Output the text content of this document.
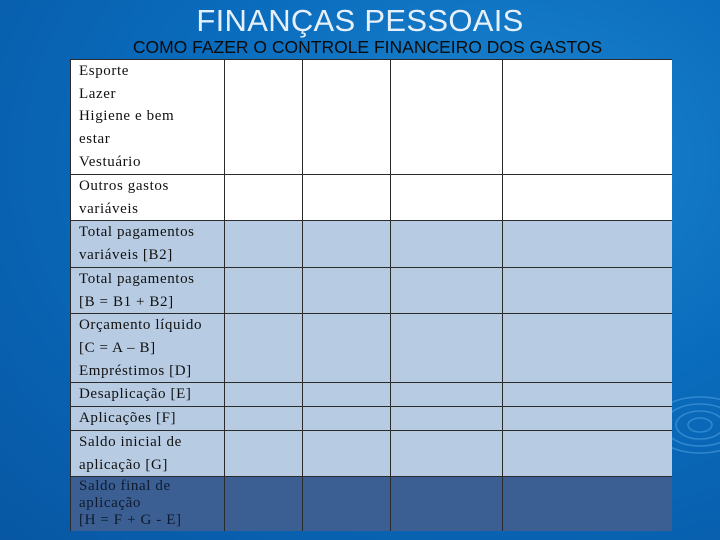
FINANÇAS PESSOAIS
COMO FAZER O CONTROLE FINANCEIRO DOS GASTOS
Esporte
Lazer
Higiene e bem
estar
Vestuário				

Outros gastos
variáveis				

Total pagamentos
variáveis [B2]				

Total pagamentos
[B = B1 + B2]				

Orçamento líquido
[C = A – B]
Empréstimos [D]				

Desaplicação [E]				

Aplicações [F]				

Saldo inicial de
aplicação [G]				

Saldo final de
aplicação
[H = F + G - E]				
